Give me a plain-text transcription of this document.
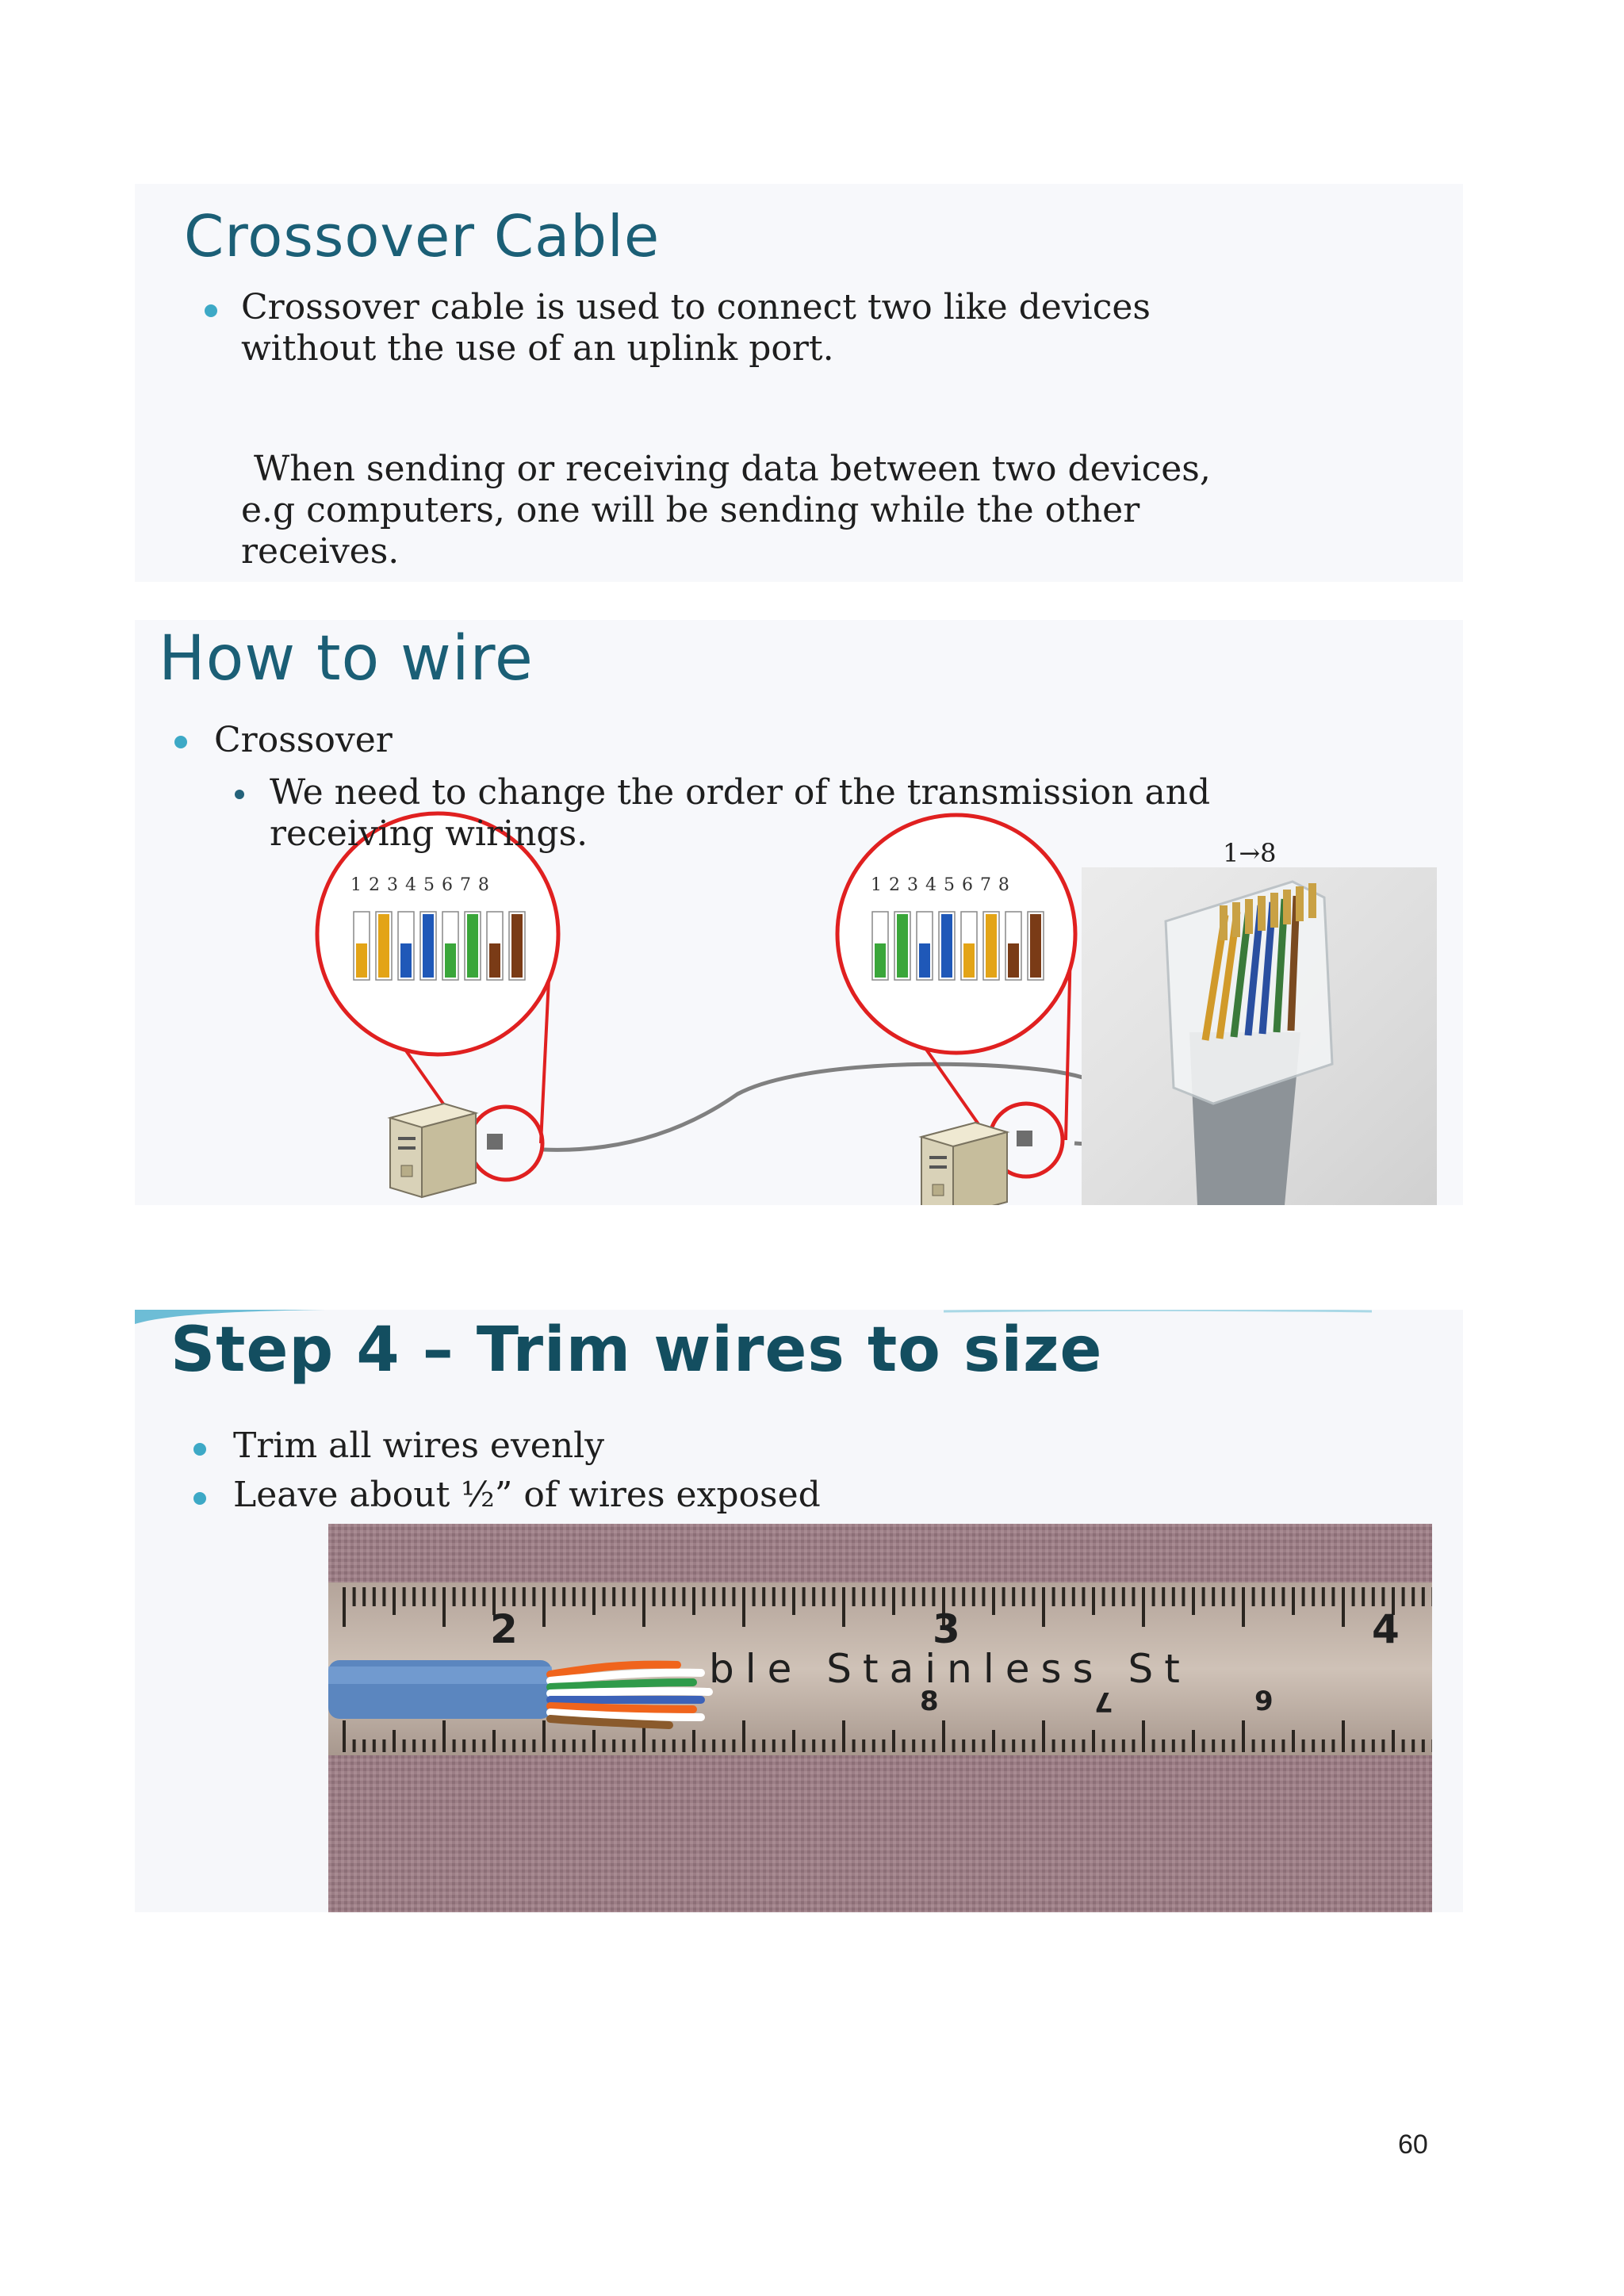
Crossover Cable
Crossover cable is used to connect two like devices
without the use of an uplink port.
When sending or receiving data between two devices,
e.g computers, one will be sending while the other
receives.
How to wire
Crossover
We need to change the order of the transmission and
receiving wirings.
1 2 3 4 5 6 7 8	1 2 3 4 5 6 7 8
1→8
Step 4 – Trim wires to size
Trim all wires evenly
Leave about ½” of wires exposed
ble Stainless St
2	3	4
8	7	9
60
